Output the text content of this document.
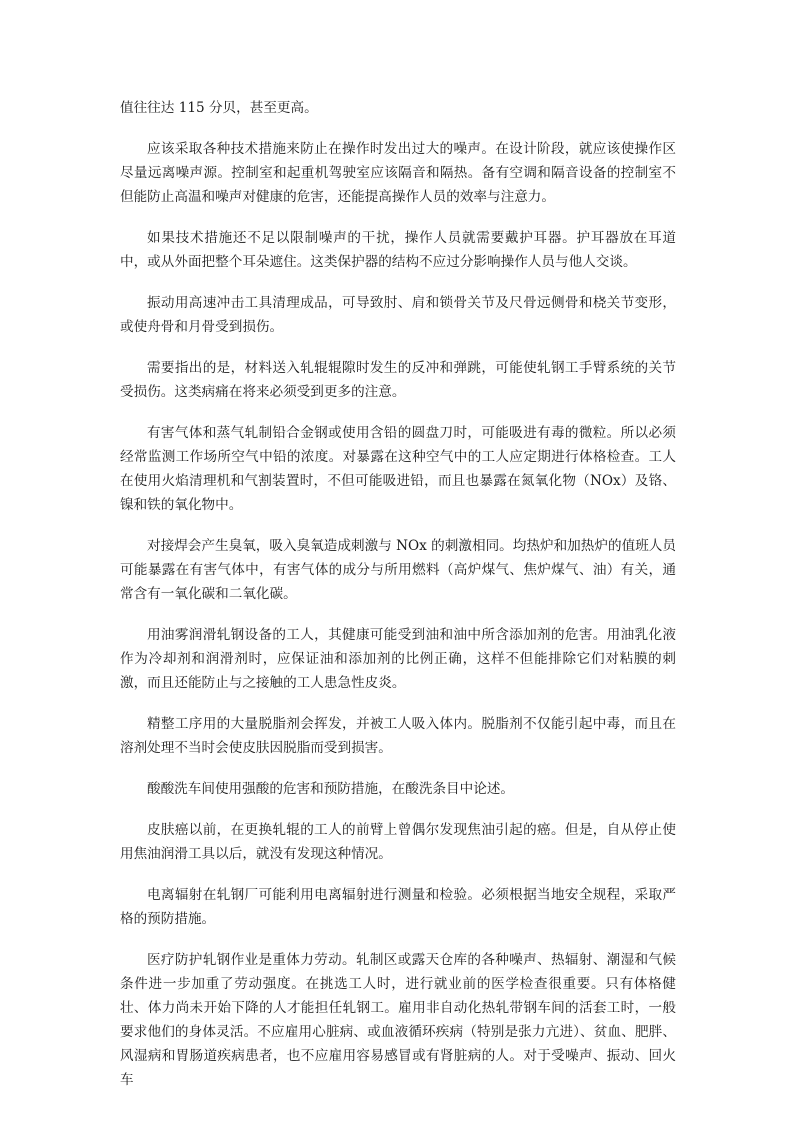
值往往达 115 分贝，甚至更高。

应该采取各种技术措施来防止在操作时发出过大的噪声。在设计阶段，就应该使操作区尽量远离噪声源。控制室和起重机驾驶室应该隔音和隔热。备有空调和隔音设备的控制室不但能防止高温和噪声对健康的危害，还能提高操作人员的效率与注意力。

如果技术措施还不足以限制噪声的干扰，操作人员就需要戴护耳器。护耳器放在耳道中，或从外面把整个耳朵遮住。这类保护器的结构不应过分影响操作人员与他人交谈。

振动用高速冲击工具清理成品，可导致肘、肩和锁骨关节及尺骨远侧骨和桡关节变形，或使舟骨和月骨受到损伤。

需要指出的是，材料送入轧辊辊隙时发生的反冲和弹跳，可能使轧钢工手臂系统的关节受损伤。这类病痛在将来必须受到更多的注意。

有害气体和蒸气轧制铅合金钢或使用含铅的圆盘刀时，可能吸进有毒的微粒。所以必须经常监测工作场所空气中铅的浓度。对暴露在这种空气中的工人应定期进行体格检查。工人在使用火焰清理机和气割装置时，不但可能吸进铅，而且也暴露在氮氧化物（NOx）及铬、镍和铁的氧化物中。

对接焊会产生臭氧，吸入臭氧造成刺激与 NOx 的刺激相同。均热炉和加热炉的值班人员可能暴露在有害气体中，有害气体的成分与所用燃料（高炉煤气、焦炉煤气、油）有关，通常含有一氧化碳和二氧化碳。

用油雾润滑轧钢设备的工人，其健康可能受到油和油中所含添加剂的危害。用油乳化液作为冷却剂和润滑剂时，应保证油和添加剂的比例正确，这样不但能排除它们对粘膜的刺激，而且还能防止与之接触的工人患急性皮炎。

精整工序用的大量脱脂剂会挥发，并被工人吸入体内。脱脂剂不仅能引起中毒，而且在溶剂处理不当时会使皮肤因脱脂而受到损害。

酸酸洗车间使用强酸的危害和预防措施，在酸洗条目中论述。

皮肤癌以前，在更换轧辊的工人的前臂上曾偶尔发现焦油引起的癌。但是，自从停止使用焦油润滑工具以后，就没有发现这种情况。

电离辐射在轧钢厂可能利用电离辐射进行测量和检验。必须根据当地安全规程，采取严格的预防措施。

医疗防护轧钢作业是重体力劳动。轧制区或露天仓库的各种噪声、热辐射、潮湿和气候条件进一步加重了劳动强度。在挑选工人时，进行就业前的医学检查很重要。只有体格健壮、体力尚未开始下降的人才能担任轧钢工。雇用非自动化热轧带钢车间的活套工时，一般要求他们的身体灵活。不应雇用心脏病、或血液循环疾病（特别是张力亢进）、贫血、肥胖、风湿病和胃肠道疾病患者，也不应雇用容易感冒或有肾脏病的人。对于受噪声、振动、回火车
